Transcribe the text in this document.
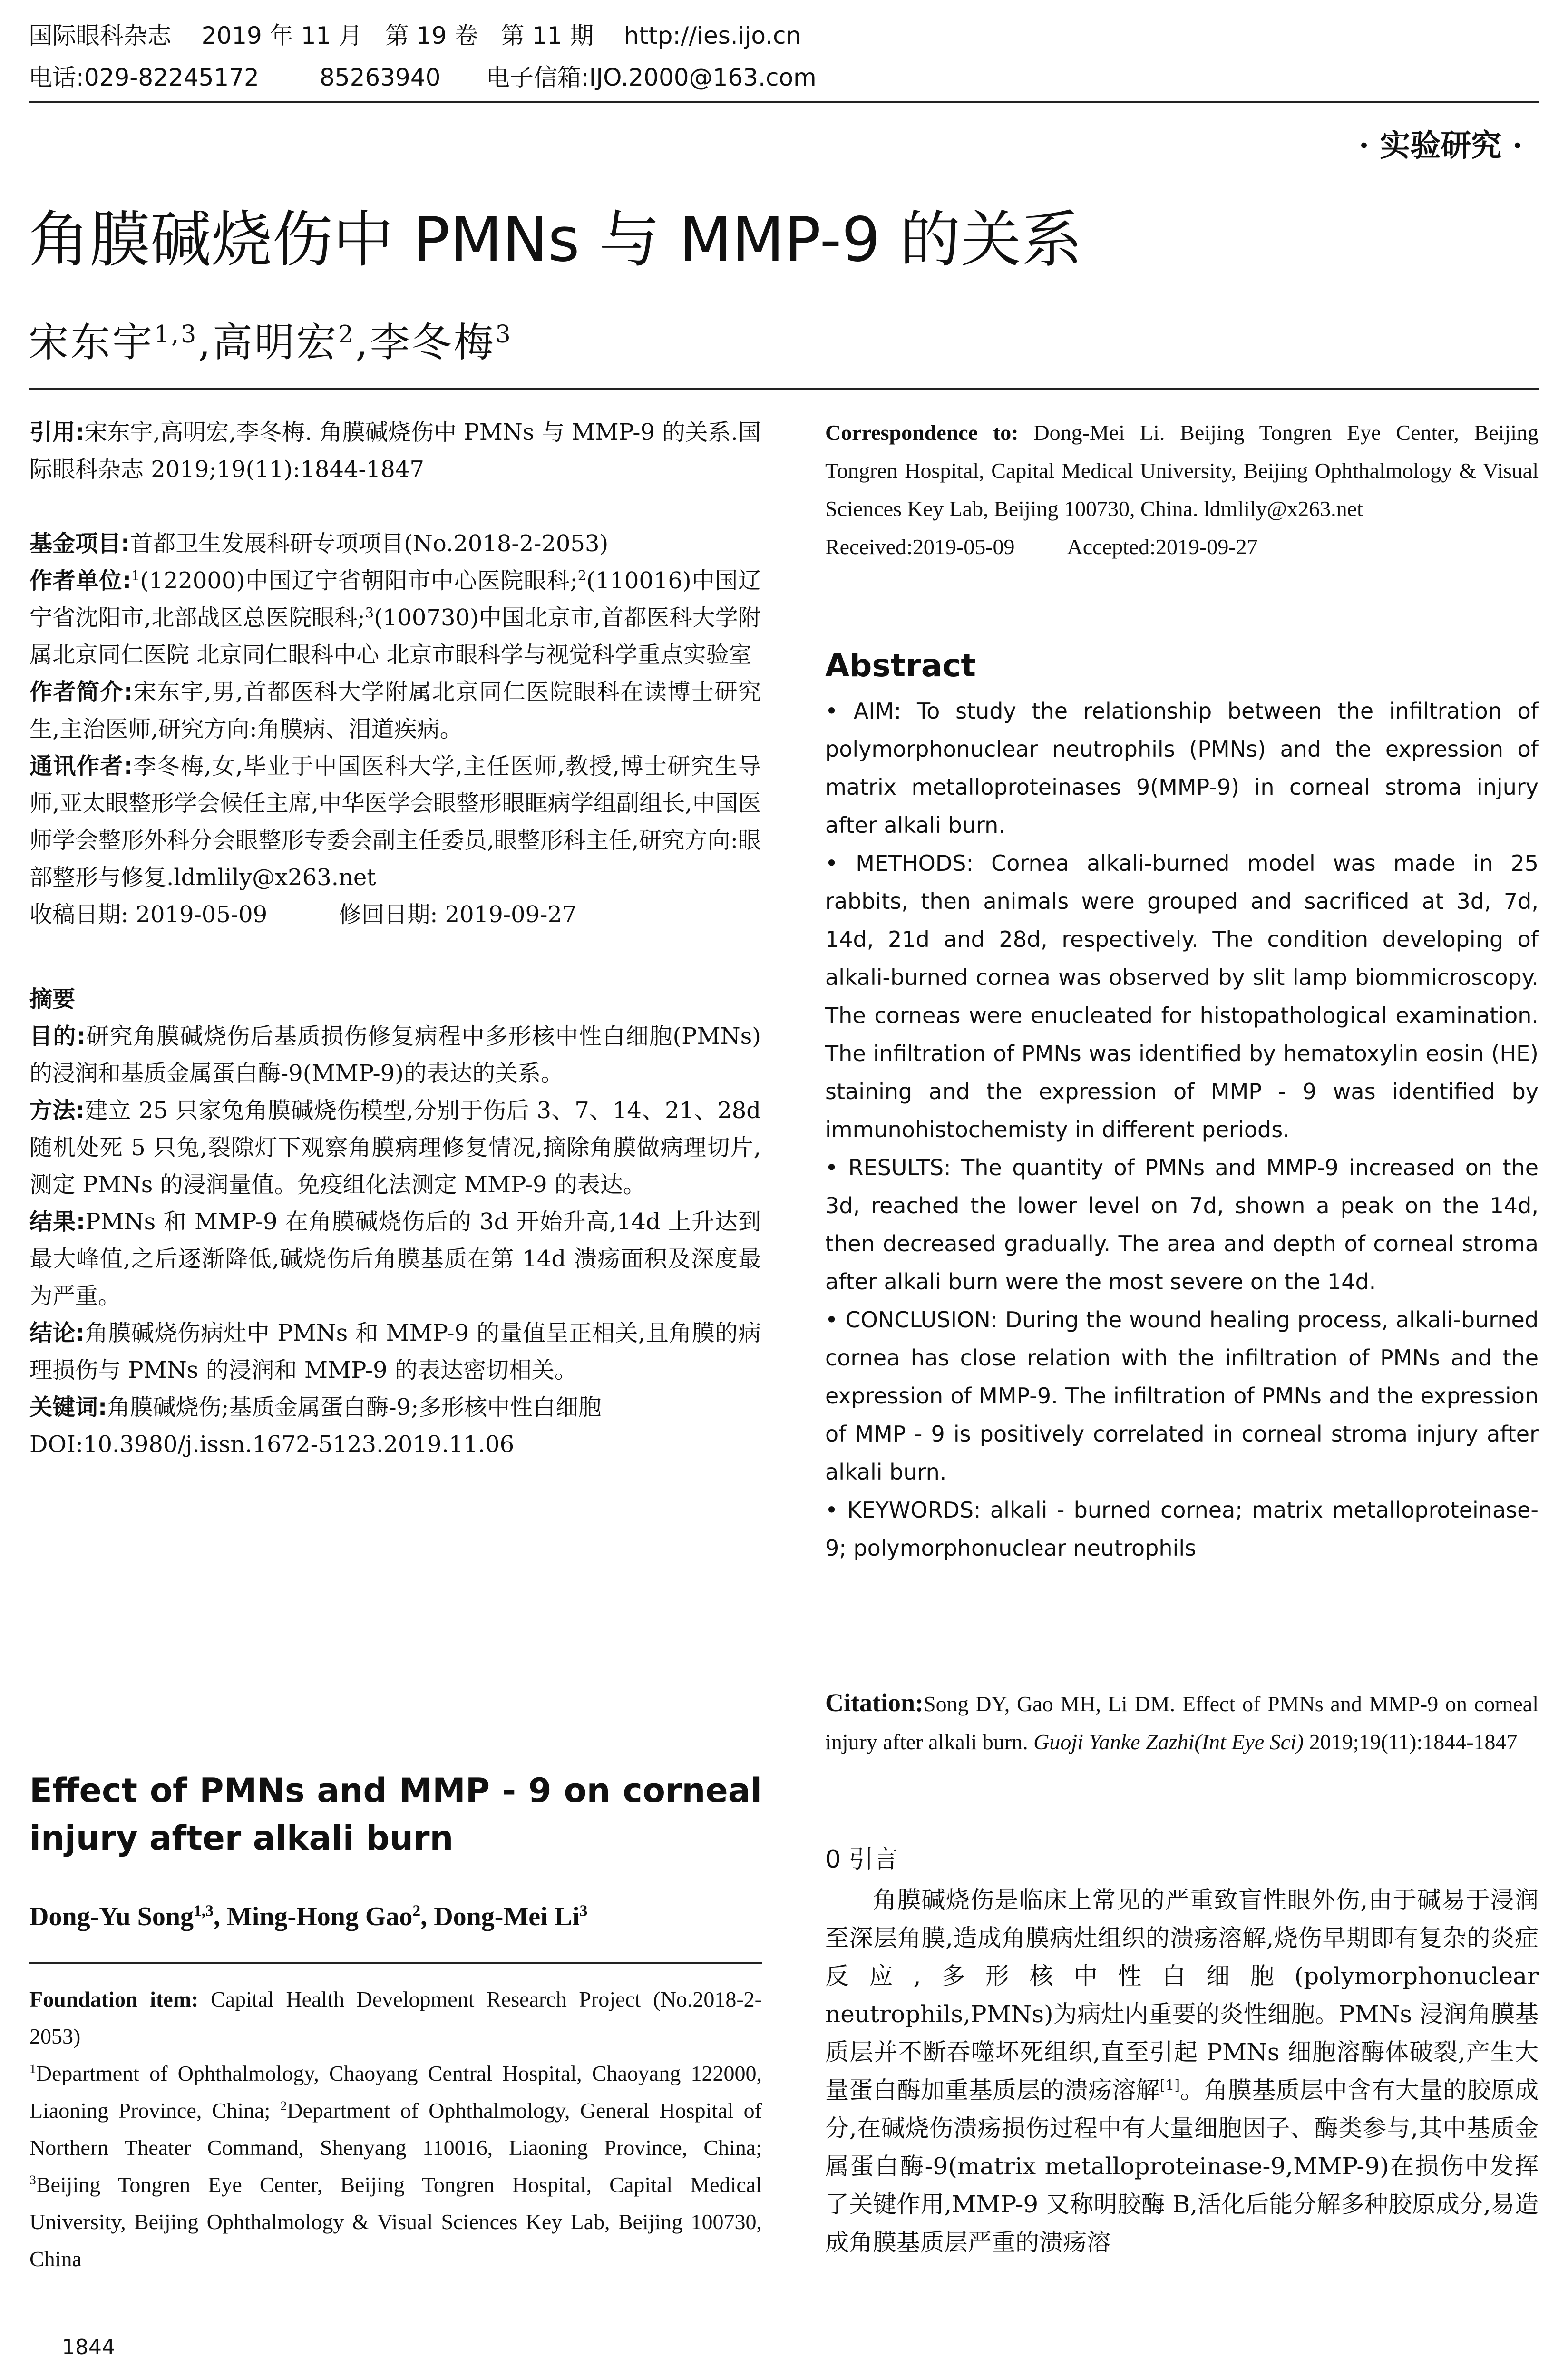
国际眼科杂志    2019 年 11 月   第 19 卷   第 11 期    http://ies.ijo.cn
电话:029-82245172        85263940      电子信箱:IJO.2000@163.com
· 实验研究 ·
角膜碱烧伤中 PMNs 与 MMP-9 的关系
宋东宇$^{1,3}$,高明宏$^2$,李冬梅$^3$

引用:宋东宇,高明宏,李冬梅. 角膜碱烧伤中 PMNs 与 MMP-9 的关系.国际眼科杂志 2019;19(11):1844-1847

基金项目:首都卫生发展科研专项项目(No.2018-2-2053)

作者单位:$^1$(122000)中国辽宁省朝阳市中心医院眼科;$^2$(110016)中国辽宁省沈阳市,北部战区总医院眼科;$^3$(100730)中国北京市,首都医科大学附属北京同仁医院 北京同仁眼科中心 北京市眼科学与视觉科学重点实验室

作者简介:宋东宇,男,首都医科大学附属北京同仁医院眼科在读博士研究生,主治医师,研究方向:角膜病、泪道疾病。

通讯作者:李冬梅,女,毕业于中国医科大学,主任医师,教授,博士研究生导师,亚太眼整形学会候任主席,中华医学会眼整形眼眶病学组副组长,中国医师学会整形外科分会眼整形专委会副主任委员,眼整形科主任,研究方向:眼部整形与修复.ldmlily@x263.net

收稿日期: 2019-05-09	修回日期: 2019-09-27

摘要

目的:研究角膜碱烧伤后基质损伤修复病程中多形核中性白细胞(PMNs)的浸润和基质金属蛋白酶-9(MMP-9)的表达的关系。

方法:建立 25 只家兔角膜碱烧伤模型,分别于伤后 3、7、14、21、28d 随机处死 5 只兔,裂隙灯下观察角膜病理修复情况,摘除角膜做病理切片,测定 PMNs 的浸润量值。免疫组化法测定 MMP-9 的表达。

结果:PMNs 和 MMP-9 在角膜碱烧伤后的 3d 开始升高,14d 上升达到最大峰值,之后逐渐降低,碱烧伤后角膜基质在第 14d 溃疡面积及深度最为严重。

结论:角膜碱烧伤病灶中 PMNs 和 MMP-9 的量值呈正相关,且角膜的病理损伤与 PMNs 的浸润和 MMP-9 的表达密切相关。

关键词:角膜碱烧伤;基质金属蛋白酶-9;多形核中性白细胞

DOI:10.3980/j.issn.1672-5123.2019.11.06

Effect of PMNs and MMP - 9 on corneal injury after alkali burn
Dong-Yu Song$^{1,3}$, Ming-Hong Gao$^2$, Dong-Mei Li$^3$

Foundation item: Capital Health Development Research Project (No.2018-2-2053)

$^1$Department of Ophthalmology, Chaoyang Central Hospital, Chaoyang 122000, Liaoning Province, China; $^2$Department of Ophthalmology, General Hospital of Northern Theater Command, Shenyang 110016, Liaoning Province, China; $^3$Beijing Tongren Eye Center, Beijing Tongren Hospital, Capital Medical University, Beijing Ophthalmology & Visual Sciences Key Lab, Beijing 100730, China

Correspondence to: Dong-Mei Li. Beijing Tongren Eye Center, Beijing Tongren Hospital, Capital Medical University, Beijing Ophthalmology & Visual Sciences Key Lab, Beijing 100730, China. ldmlily@x263.net

Received:2019-05-09 Accepted:2019-09-27

Abstract

• AIM: To study the relationship between the infiltration of polymorphonuclear neutrophils (PMNs) and the expression of matrix metalloproteinases 9(MMP-9) in corneal stroma injury after alkali burn.

• METHODS: Cornea alkali-burned model was made in 25 rabbits, then animals were grouped and sacrificed at 3d, 7d, 14d, 21d and 28d, respectively. The condition developing of alkali-burned cornea was observed by slit lamp biommicroscopy. The corneas were enucleated for histopathological examination. The infiltration of PMNs was identified by hematoxylin eosin (HE) staining and the expression of MMP - 9 was identified by immunohistochemisty in different periods.

• RESULTS: The quantity of PMNs and MMP-9 increased on the 3d, reached the lower level on 7d, shown a peak on the 14d, then decreased gradually. The area and depth of corneal stroma after alkali burn were the most severe on the 14d.

• CONCLUSION: During the wound healing process, alkali-burned cornea has close relation with the infiltration of PMNs and the expression of MMP-9. The infiltration of PMNs and the expression of MMP - 9 is positively correlated in corneal stroma injury after alkali burn.

• KEYWORDS: alkali - burned cornea; matrix metalloproteinase-9; polymorphonuclear neutrophils

Citation:Song DY, Gao MH, Li DM. Effect of PMNs and MMP-9 on corneal injury after alkali burn. Guoji Yanke Zazhi(Int Eye Sci) 2019;19(11):1844-1847

0 引言

角膜碱烧伤是临床上常见的严重致盲性眼外伤,由于碱易于浸润至深层角膜,造成角膜病灶组织的溃疡溶解,烧伤早期即有复杂的炎症反应,多形核中性白细胞(polymorphonuclear neutrophils,PMNs)为病灶内重要的炎性细胞。PMNs 浸润角膜基质层并不断吞噬坏死组织,直至引起 PMNs 细胞溶酶体破裂,产生大量蛋白酶加重基质层的溃疡溶解[1]。角膜基质层中含有大量的胶原成分,在碱烧伤溃疡损伤过程中有大量细胞因子、酶类参与,其中基质金属蛋白酶-9(matrix metalloproteinase-9,MMP-9)在损伤中发挥了关键作用,MMP-9 又称明胶酶 B,活化后能分解多种胶原成分,易造成角膜基质层严重的溃疡溶

1844
